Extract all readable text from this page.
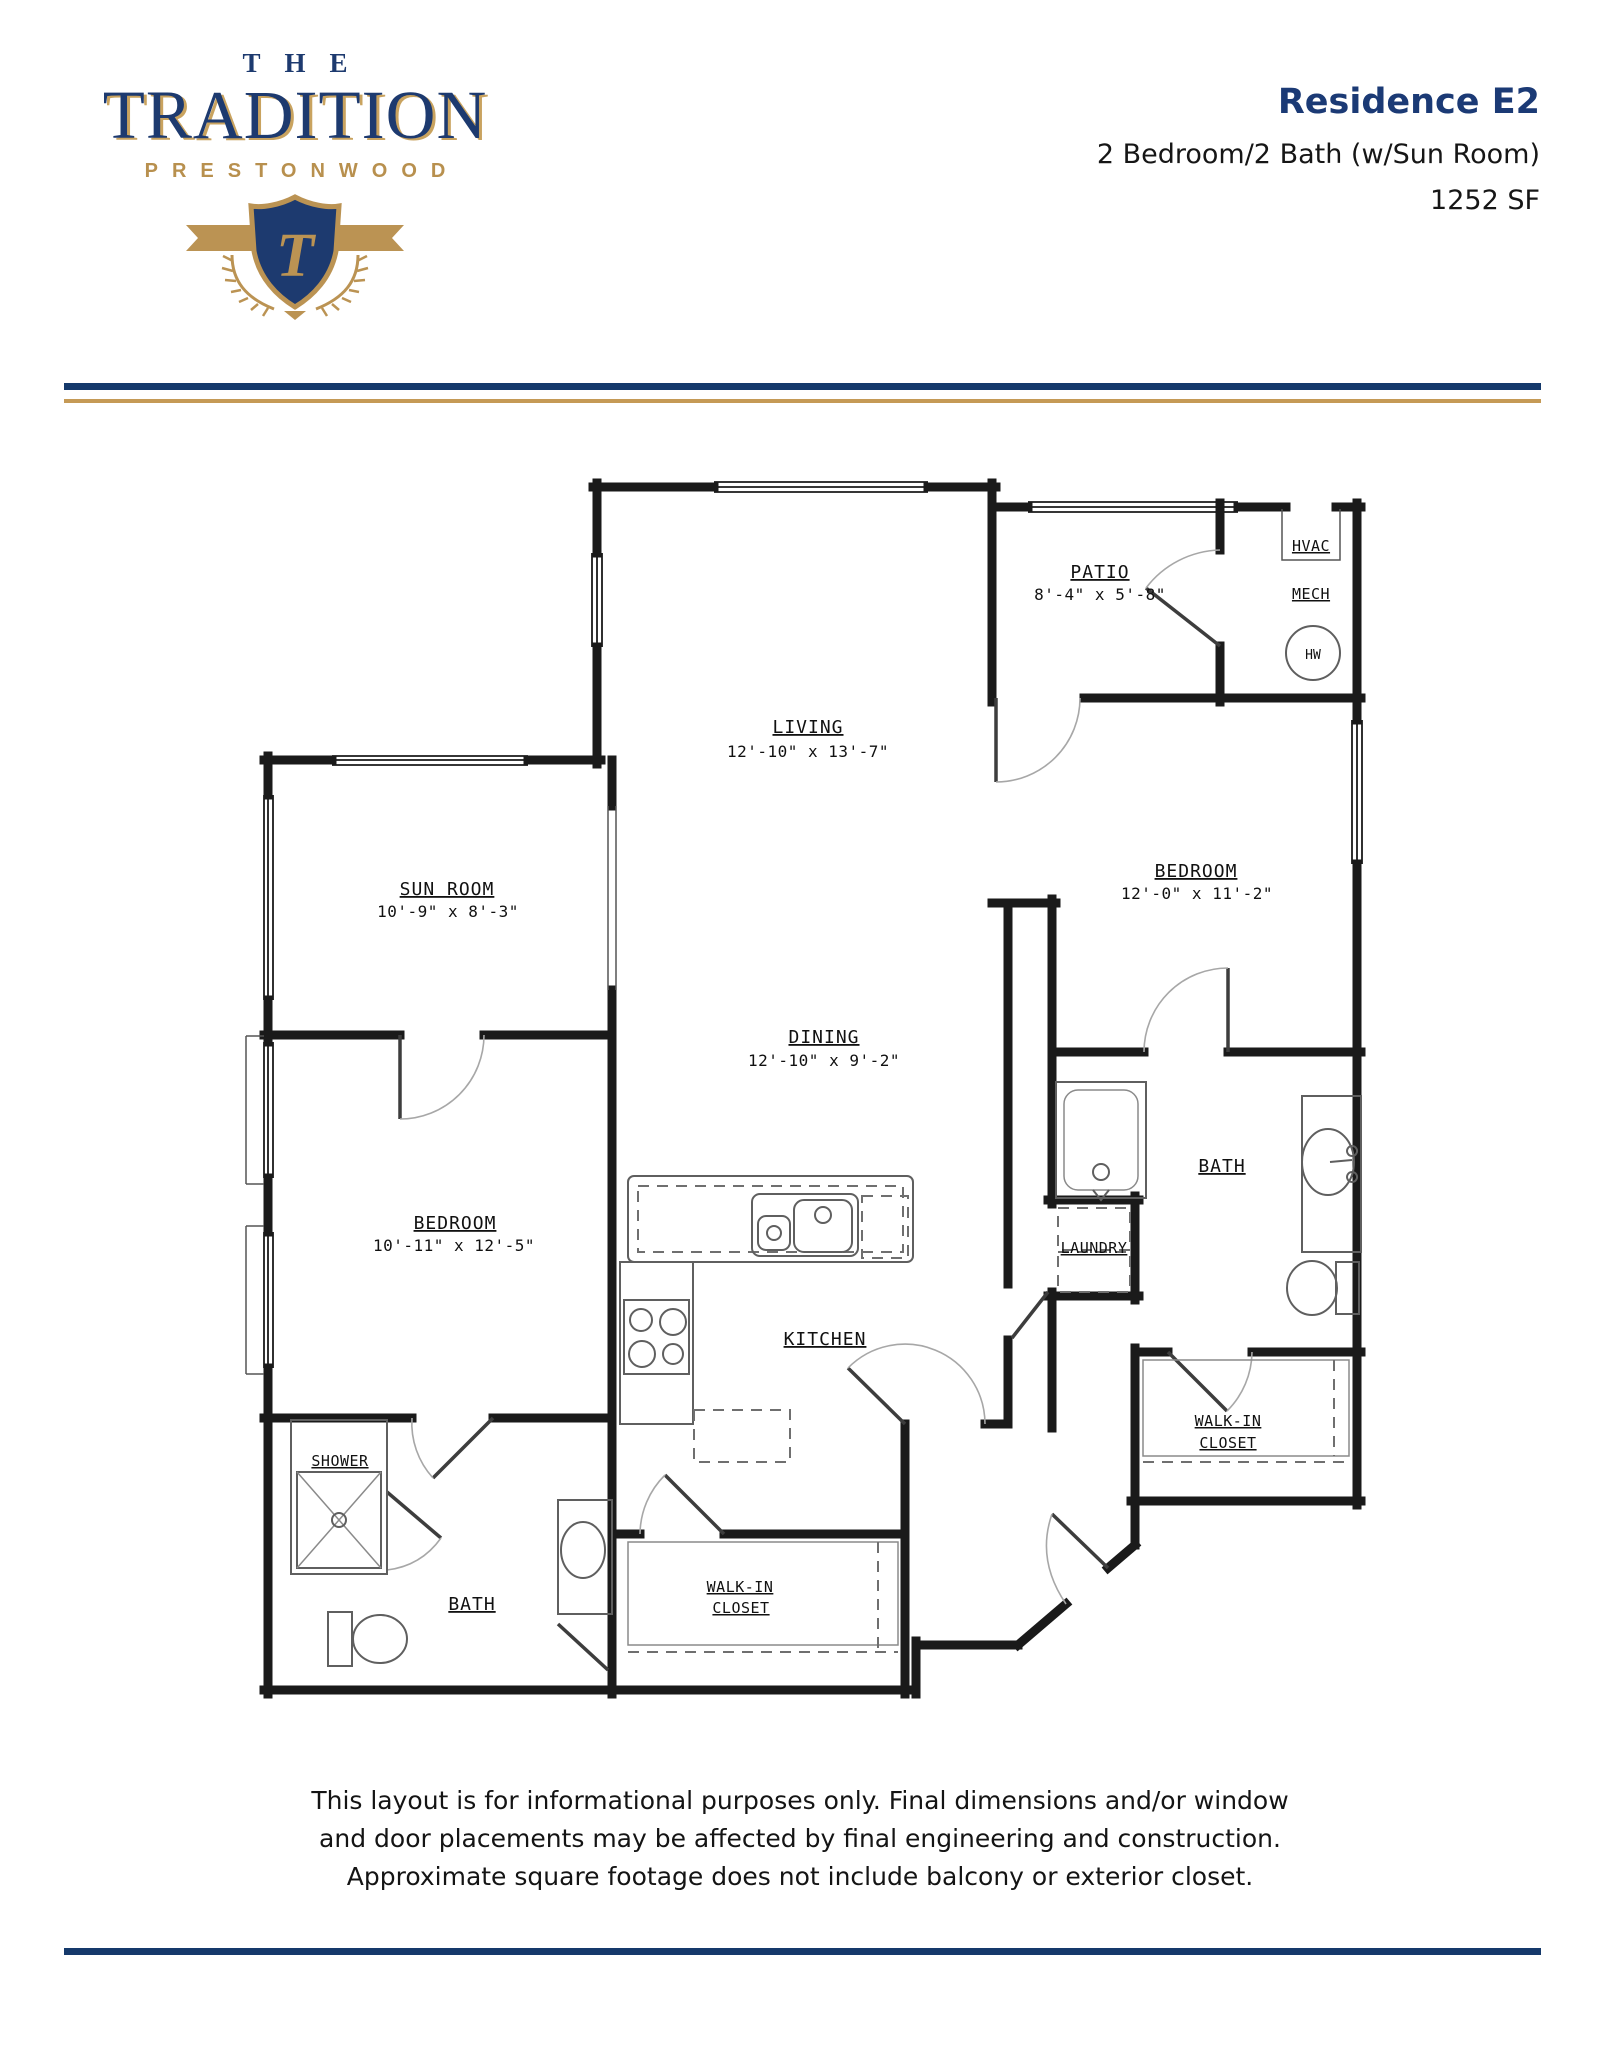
THE
TRADITION
PRESTONWOOD
T
Residence E2
2 Bedroom/2 Bath (w/Sun Room)
1252 SF
PATIO
8'-4" x 5'-8"
HVAC
MECH
HW
LIVING
12'-10" x 13'-7"
SUN ROOM
10'-9" x 8'-3"
BEDROOM
12'-0" x 11'-2"
DINING
12'-10" x 9'-2"
BATH
LAUNDRY
BEDROOM
10'-11" x 12'-5"
KITCHEN
WALK-IN
CLOSET
SHOWER
BATH
WALK-IN
CLOSET
This layout is for informational purposes only. Final dimensions and/or window
and door placements may be affected by final engineering and construction.
Approximate square footage does not include balcony or exterior closet.
